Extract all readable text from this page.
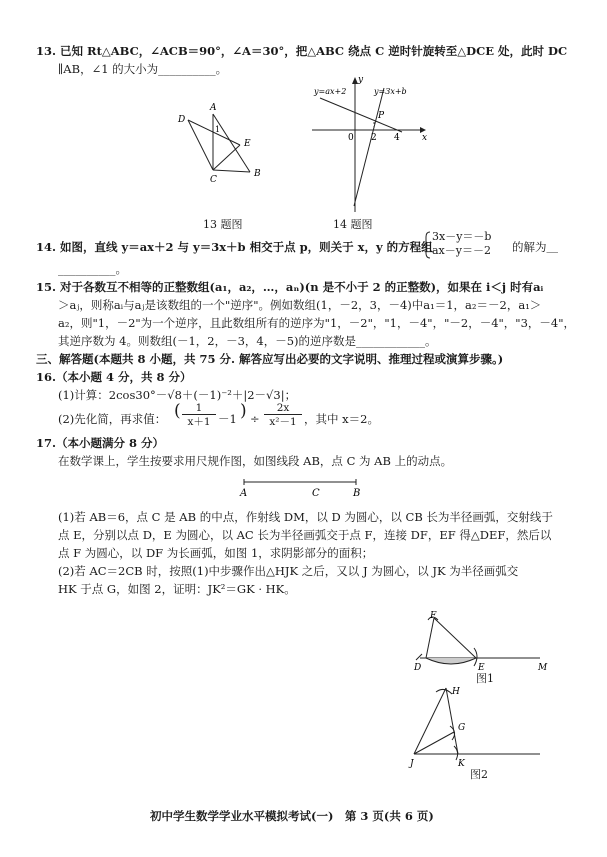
13. 已知 Rt△ABC，∠ACB＝90°，∠A＝30°，把△ABC 绕点 C 逆时针旋转至△DCE 处，此时 DC
∥AB，∠1 的大小为__________。
A
D
1
E
C
B
13 题图
y
x
0 2 4
P
y=ax+2	y=3x+b
14 题图
14. 如图，直线 y＝ax＋2 与 y＝3x＋b 相交于点 p，则关于 x，y 的方程组
3x－y＝－b
ax－y＝－2 的解为＿
__________。
15. 对于各数互不相等的正整数组(a₁，a₂，…，aₙ)(n 是不小于 2 的正整数)，如果在 i＜j 时有aᵢ
＞aⱼ，则称aᵢ与aⱼ是该数组的一个"逆序"。例如数组(1，－2，3，－4)中a₁＝1，a₂＝－2，a₁＞
a₂，则"1，－2"为一个逆序，且此数组所有的逆序为"1，－2"，"1，－4"，"－2，－4"，"3，－4"，
其逆序数为 4。则数组(－1，2，－3，4，－5)的逆序数是____________。
三、解答题(本题共 8 小题，共 75 分. 解答应写出必要的文字说明、推理过程或演算步骤。)
16.（本小题 4 分，共 8 分）
(1)计算：2cos30°－√8＋(－1)⁻²＋|2－√3|；
(2)先化简，再求值： (	1
x＋1 －1 ) ÷
2x
x²－1 ，其中 x＝2。
17.（本小题满分 8 分）
在数学课上，学生按要求用尺规作图，如图线段 AB，点 C 为 AB 上的动点。
A	C	B
(1)若 AB＝6，点 C 是 AB 的中点，作射线 DM，以 D 为圆心，以 CB 长为半径画弧，交射线于
点 E，分别以点 D，E 为圆心，以 AC 长为半径画弧交于点 F，连接 DF，EF 得△DEF，然后以
点 F 为圆心，以 DF 为长画弧，如图 1，求阴影部分的面积；
(2)若 AC＝2CB 时，按照(1)中步骤作出△HJK 之后，又以 J 为圆心，以 JK 为半径画弧交
HK 于点 G，如图 2，证明：JK²＝GK · HK。
F
D	E	M
图1
H
G
J	K
图2
初中学生数学学业水平模拟考试(一)　第 3 页(共 6 页)
